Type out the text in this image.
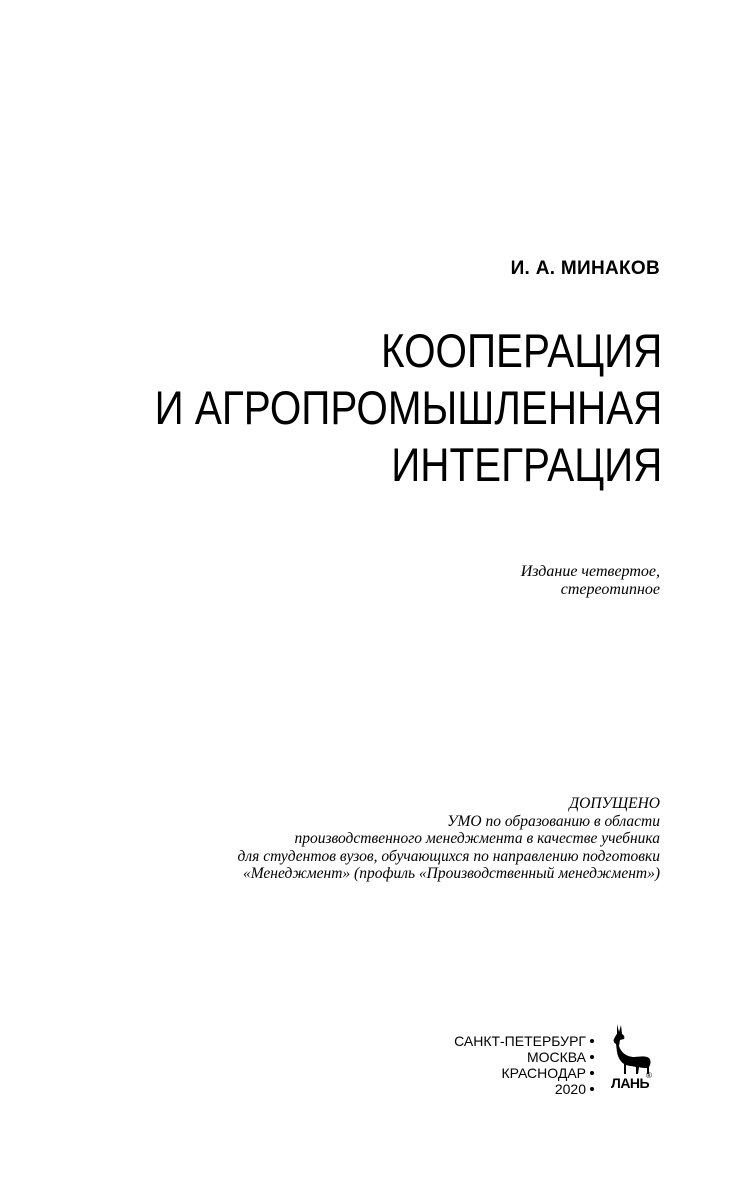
И. А. МИНАКОВ
КООПЕРАЦИЯ
И АГРОПРОМЫШЛЕННАЯ
ИНТЕГРАЦИЯ
Издание четвертое,
стереотипное
ДОПУЩЕНО
УМО по образованию в области
производственного менеджмента в качестве учебника
для студентов вузов, обучающихся по направлению подготовки
«Менеджмент» (профиль «Производственный менеджмент»)
САНКТ-ПЕТЕРБУРГ
МОСКВА
КРАСНОДАР
2020	ЛАНЬ
®
